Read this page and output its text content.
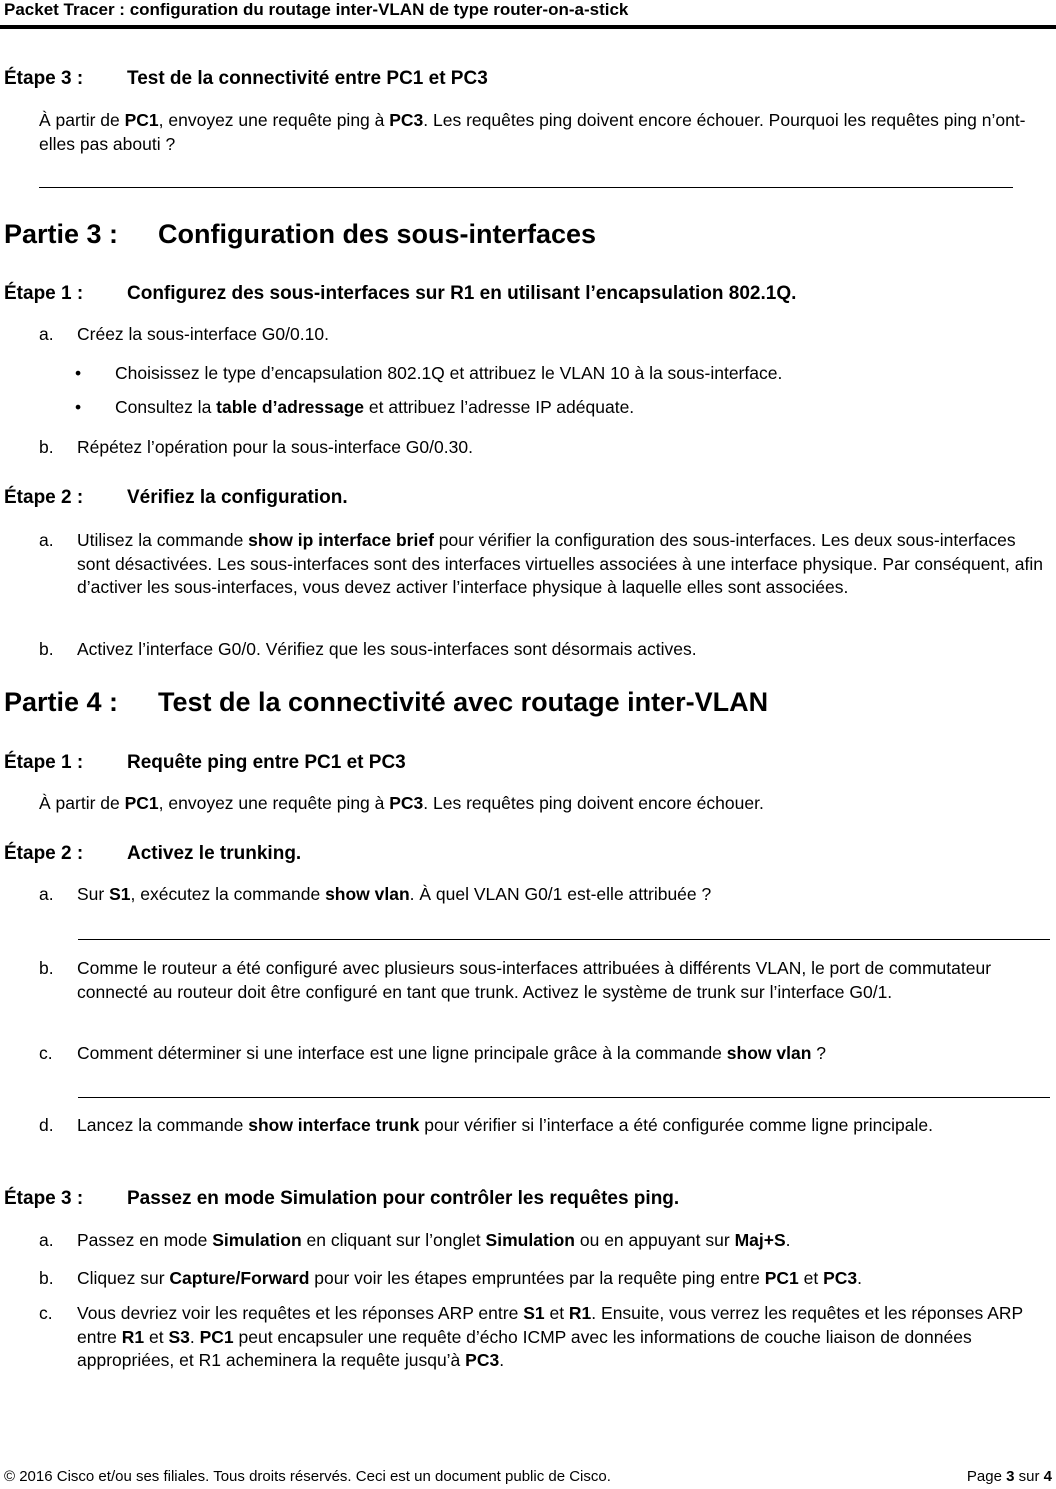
Packet Tracer : configuration du routage inter-VLAN de type router-on-a-stick
Étape 3 : Test de la connectivité entre PC1 et PC3
À partir de PC1, envoyez une requête ping à PC3. Les requêtes ping doivent encore échouer. Pourquoi les requêtes ping n’ont-elles pas abouti ?
Partie 3 : Configuration des sous-interfaces
Étape 1 : Configurez des sous-interfaces sur R1 en utilisant l’encapsulation 802.1Q.
a. Créez la sous-interface G0/0.10.
• Choisissez le type d’encapsulation 802.1Q et attribuez le VLAN 10 à la sous-interface.
• Consultez la table d’adressage et attribuez l’adresse IP adéquate.
b. Répétez l’opération pour la sous-interface G0/0.30.
Étape 2 : Vérifiez la configuration.
a. Utilisez la commande show ip interface brief pour vérifier la configuration des sous-interfaces. Les deux sous-interfaces sont désactivées. Les sous-interfaces sont des interfaces virtuelles associées à une interface physique. Par conséquent, afin d’activer les sous-interfaces, vous devez activer l’interface physique à laquelle elles sont associées.
b. Activez l’interface G0/0. Vérifiez que les sous-interfaces sont désormais actives.
Partie 4 : Test de la connectivité avec routage inter-VLAN
Étape 1 : Requête ping entre PC1 et PC3
À partir de PC1, envoyez une requête ping à PC3. Les requêtes ping doivent encore échouer.
Étape 2 : Activez le trunking.
a. Sur S1, exécutez la commande show vlan. À quel VLAN G0/1 est-elle attribuée ?
b. Comme le routeur a été configuré avec plusieurs sous-interfaces attribuées à différents VLAN, le port de commutateur connecté au routeur doit être configuré en tant que trunk. Activez le système de trunk sur l’interface G0/1.
c. Comment déterminer si une interface est une ligne principale grâce à la commande show vlan ?
d. Lancez la commande show interface trunk pour vérifier si l’interface a été configurée comme ligne principale.
Étape 3 : Passez en mode Simulation pour contrôler les requêtes ping.
a. Passez en mode Simulation en cliquant sur l’onglet Simulation ou en appuyant sur Maj+S.
b. Cliquez sur Capture/Forward pour voir les étapes empruntées par la requête ping entre PC1 et PC3.
c. Vous devriez voir les requêtes et les réponses ARP entre S1 et R1. Ensuite, vous verrez les requêtes et les réponses ARP entre R1 et S3. PC1 peut encapsuler une requête d’écho ICMP avec les informations de couche liaison de données appropriées, et R1 acheminera la requête jusqu’à PC3.
© 2016 Cisco et/ou ses filiales. Tous droits réservés. Ceci est un document public de Cisco.	Page 3 sur 4
